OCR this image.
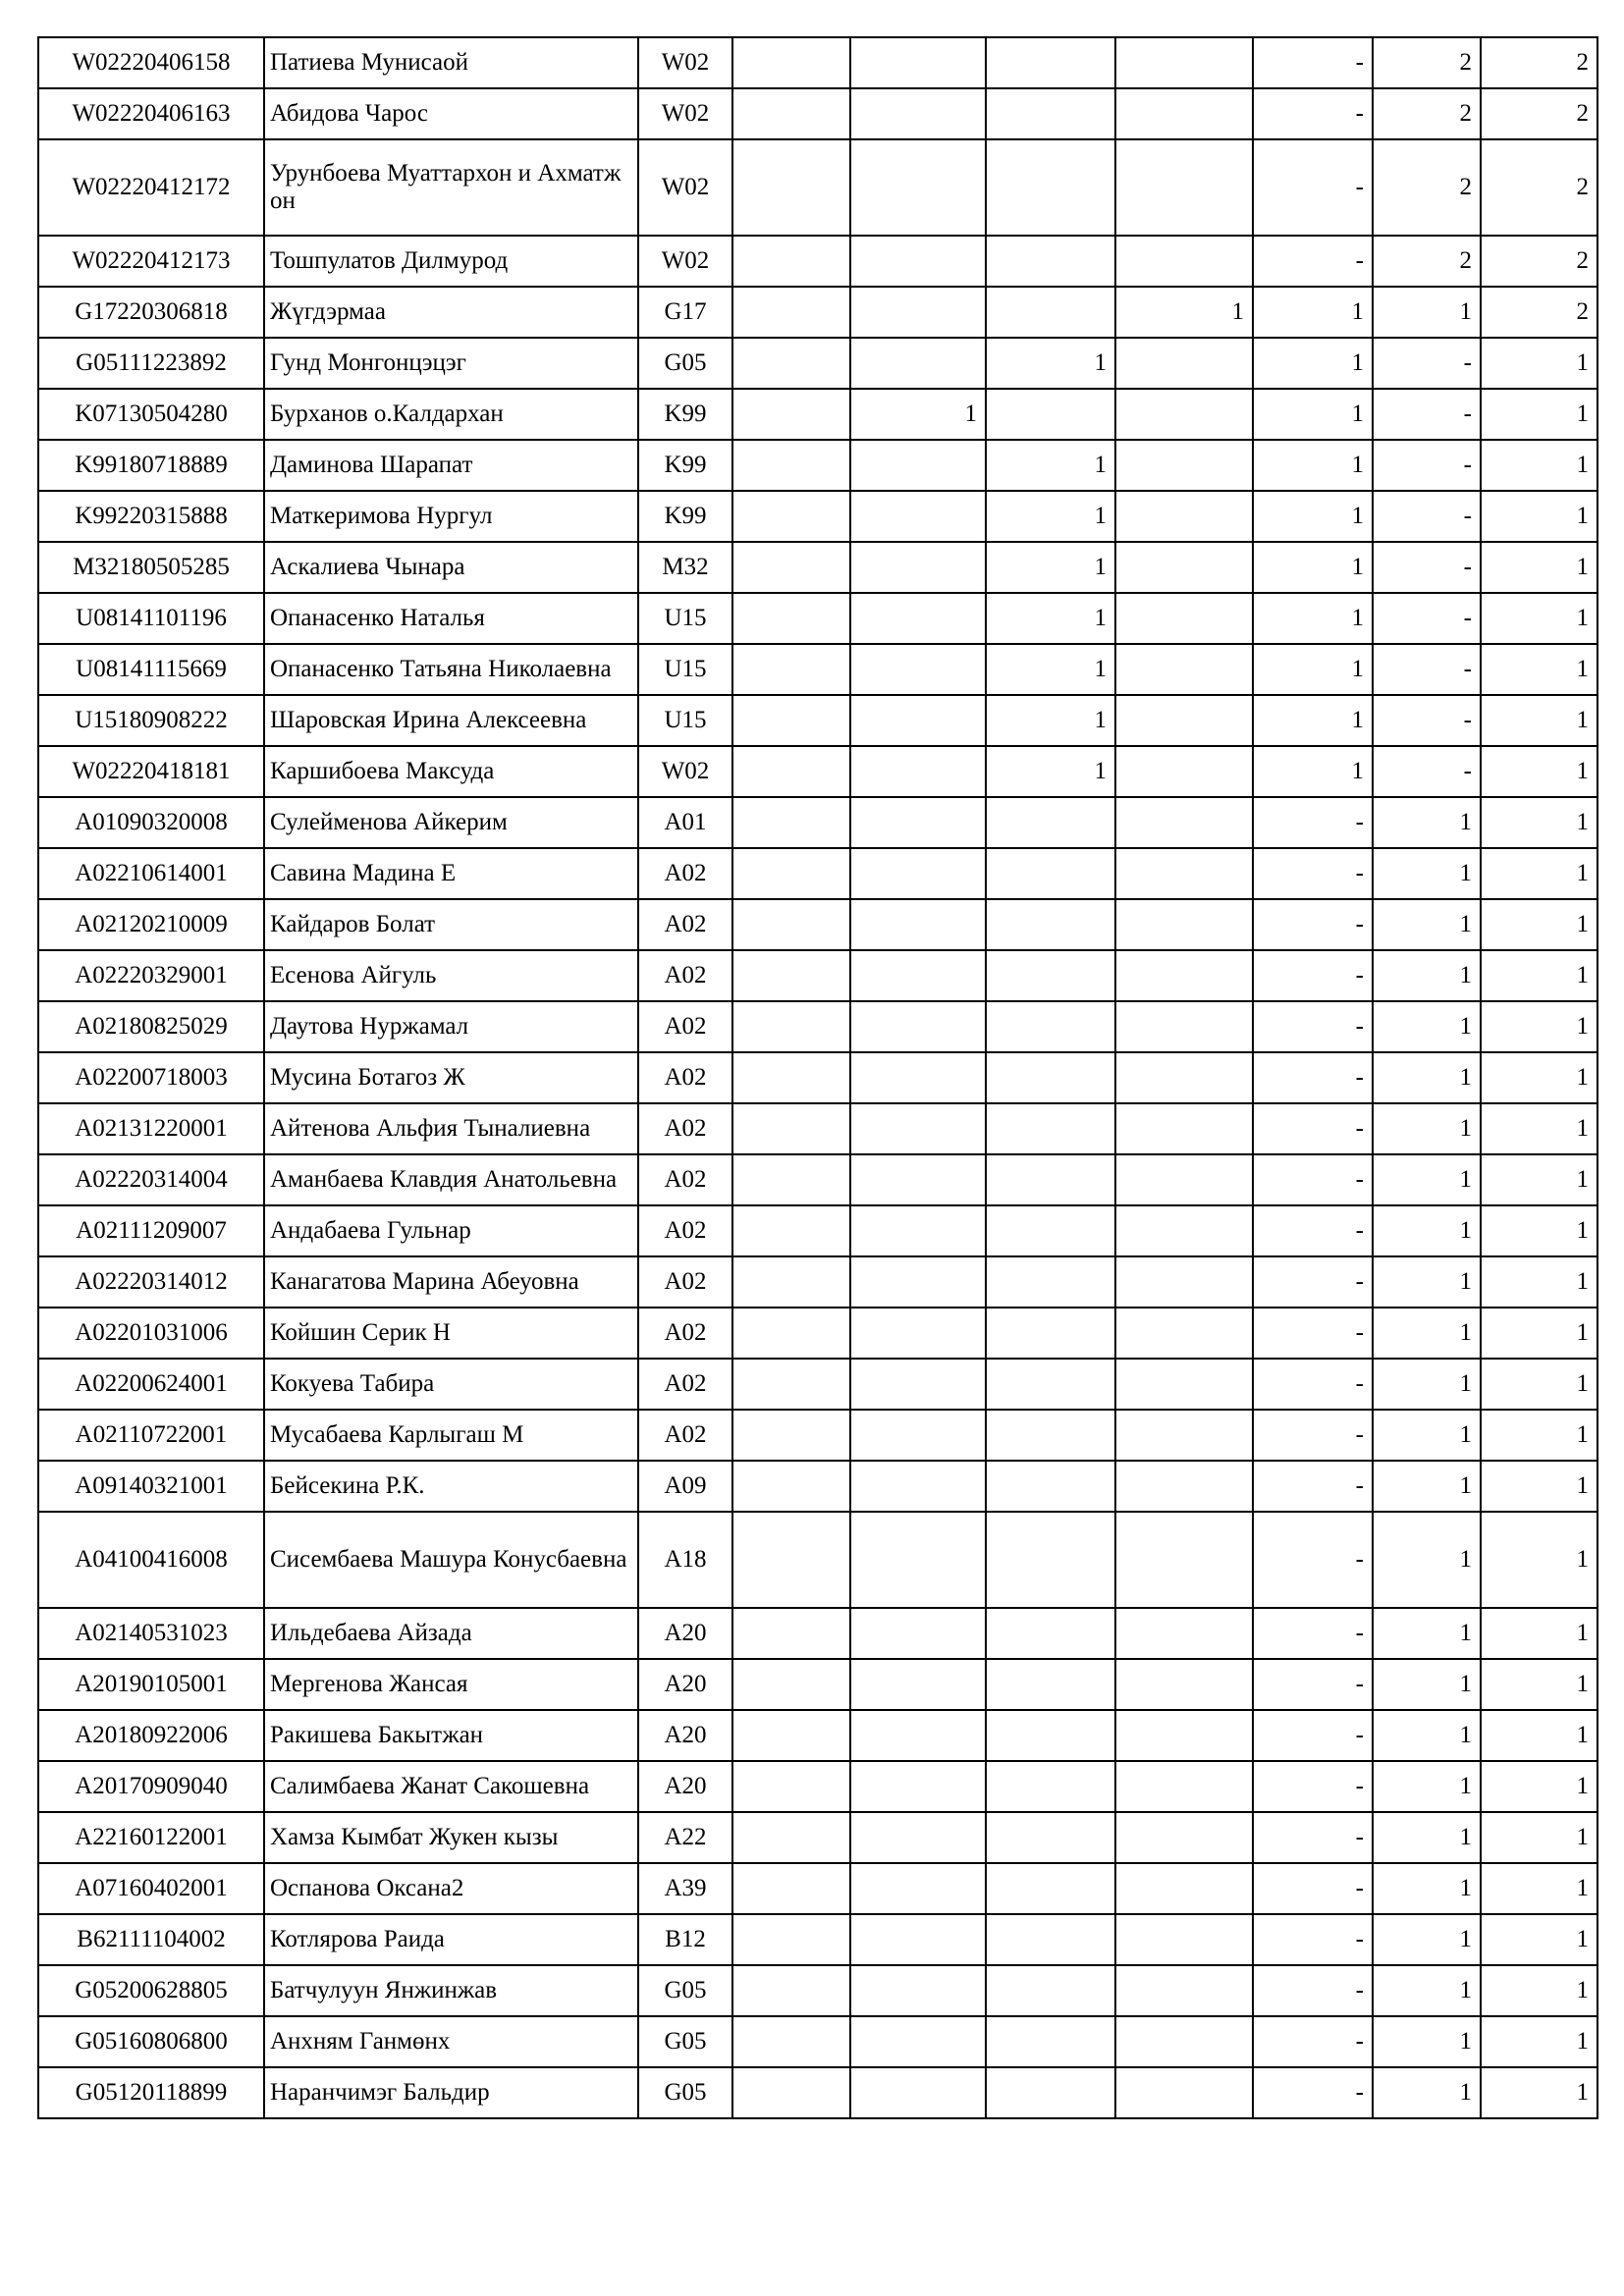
W02220406158	Патиева Мунисаой	W02					-	2	2
W02220406163	Абидова Чарос	W02					-	2	2
W02220412172	Урунбоева Муаттархон и Ахматжон	W02					-	2	2
W02220412173	Тошпулатов Дилмурод	W02					-	2	2
G17220306818	Жүгдэрмаа	G17				1	1	1	2
G05111223892	Гунд Монгонцэцэг	G05			1		1	-	1
K07130504280	Бурханов о.Калдархан	K99		1			1	-	1
K99180718889	Даминова Шарапат	K99			1		1	-	1
K99220315888	Маткеримова Нургул	K99			1		1	-	1
M32180505285	Аскалиева Чынара	M32			1		1	-	1
U08141101196	Опанасенко Наталья	U15			1		1	-	1
U08141115669	Опанасенко Татьяна Николаевна	U15			1		1	-	1
U15180908222	Шаровская Ирина Алексеевна	U15			1		1	-	1
W02220418181	Каршибоева Максуда	W02			1		1	-	1
A01090320008	Сулейменова Айкерим	A01					-	1	1
A02210614001	Савина Мадина Е	A02					-	1	1
A02120210009	Кайдаров Болат	A02					-	1	1
A02220329001	Есенова Айгуль	A02					-	1	1
A02180825029	Даутова Нуржамал	A02					-	1	1
A02200718003	Мусина Ботагоз Ж	A02					-	1	1
A02131220001	Айтенова Альфия Тыналиевна	A02					-	1	1
A02220314004	Аманбаева Клавдия Анатольевна	A02					-	1	1
A02111209007	Андабаева Гульнар	A02					-	1	1
A02220314012	Канагатова Марина Абеуовна	A02					-	1	1
A02201031006	Койшин Серик Н	A02					-	1	1
A02200624001	Кокуева Табира	A02					-	1	1
A02110722001	Мусабаева Карлыгаш М	A02					-	1	1
A09140321001	Бейсекина Р.К.	A09					-	1	1
A04100416008	Сисембаева Машура Конусбаевна	A18					-	1	1
A02140531023	Ильдебаева Айзада	A20					-	1	1
A20190105001	Мергенова Жансая	A20					-	1	1
A20180922006	Ракишева Бакытжан	A20					-	1	1
A20170909040	Салимбаева Жанат Сакошевна	A20					-	1	1
A22160122001	Хамза Кымбат Жукен кызы	A22					-	1	1
A07160402001	Оспанова Оксана2	A39					-	1	1
B62111104002	Котлярова Раида	B12					-	1	1
G05200628805	Батчулуун Янжинжав	G05					-	1	1
G05160806800	Анхням Ганмөнх	G05					-	1	1
G05120118899	Наранчимэг Бальдир	G05					-	1	1
